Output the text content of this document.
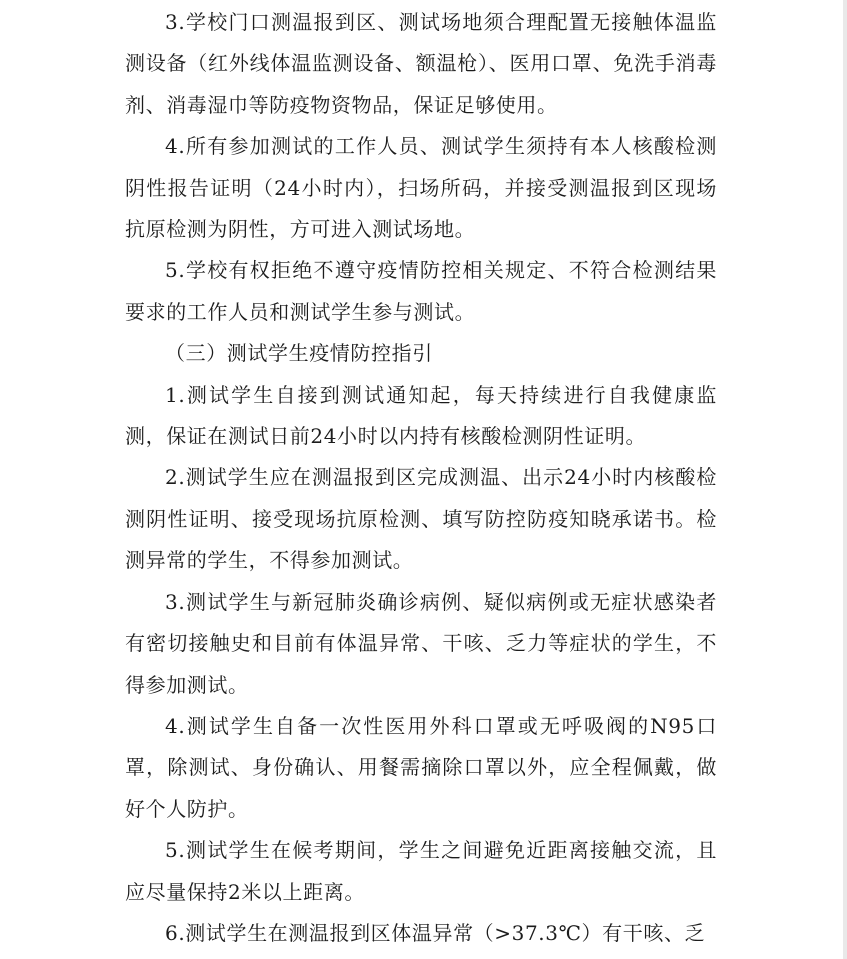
3.学校门口测温报到区、测试场地须合理配置无接触体温监测设备（红外线体温监测设备、额温枪）、医用口罩、免洗手消毒剂、消毒湿巾等防疫物资物品，保证足够使用。

4.所有参加测试的工作人员、测试学生须持有本人核酸检测阴性报告证明（24小时内），扫场所码，并接受测温报到区现场抗原检测为阴性，方可进入测试场地。

5.学校有权拒绝不遵守疫情防控相关规定、不符合检测结果要求的工作人员和测试学生参与测试。

（三）测试学生疫情防控指引

1.测试学生自接到测试通知起，每天持续进行自我健康监测，保证在测试日前24小时以内持有核酸检测阴性证明。

2.测试学生应在测温报到区完成测温、出示24小时内核酸检测阴性证明、接受现场抗原检测、填写防控防疫知晓承诺书。检测异常的学生，不得参加测试。

3.测试学生与新冠肺炎确诊病例、疑似病例或无症状感染者有密切接触史和目前有体温异常、干咳、乏力等症状的学生，不得参加测试。

4.测试学生自备一次性医用外科口罩或无呼吸阀的N95口罩，除测试、身份确认、用餐需摘除口罩以外，应全程佩戴，做好个人防护。

5.测试学生在候考期间，学生之间避免近距离接触交流，且应尽量保持2米以上距离。

6.测试学生在测温报到区体温异常（>37.3℃）有干咳、乏
